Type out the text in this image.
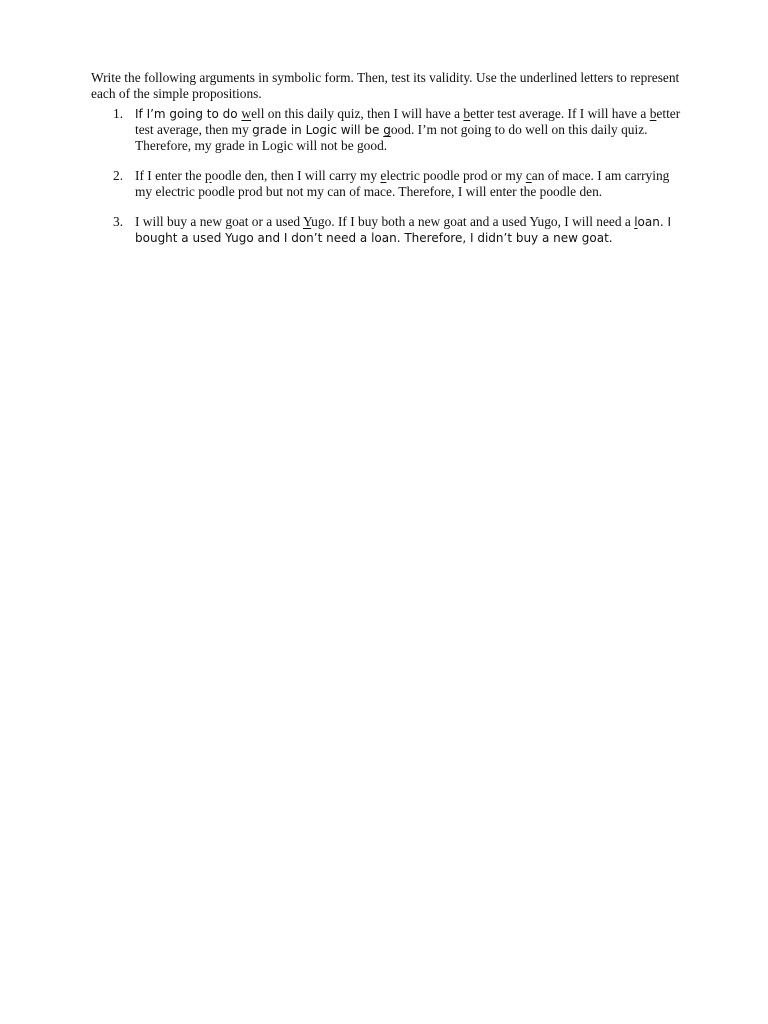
Write the following arguments in symbolic form. Then, test its validity. Use the underlined letters to represent each of the simple propositions.

1. If I’m going to do well on this daily quiz, then I will have a better test average. If I will have a better test average, then my grade in Logic will be good. I’m not going to do well on this daily quiz. Therefore, my grade in Logic will not be good.
2. If I enter the poodle den, then I will carry my electric poodle prod or my can of mace. I am carrying my electric poodle prod but not my can of mace. Therefore, I will enter the poodle den.
3. I will buy a new goat or a used Yugo. If I buy both a new goat and a used Yugo, I will need a loan. I bought a used Yugo and I don’t need a loan. Therefore, I didn’t buy a new goat.
